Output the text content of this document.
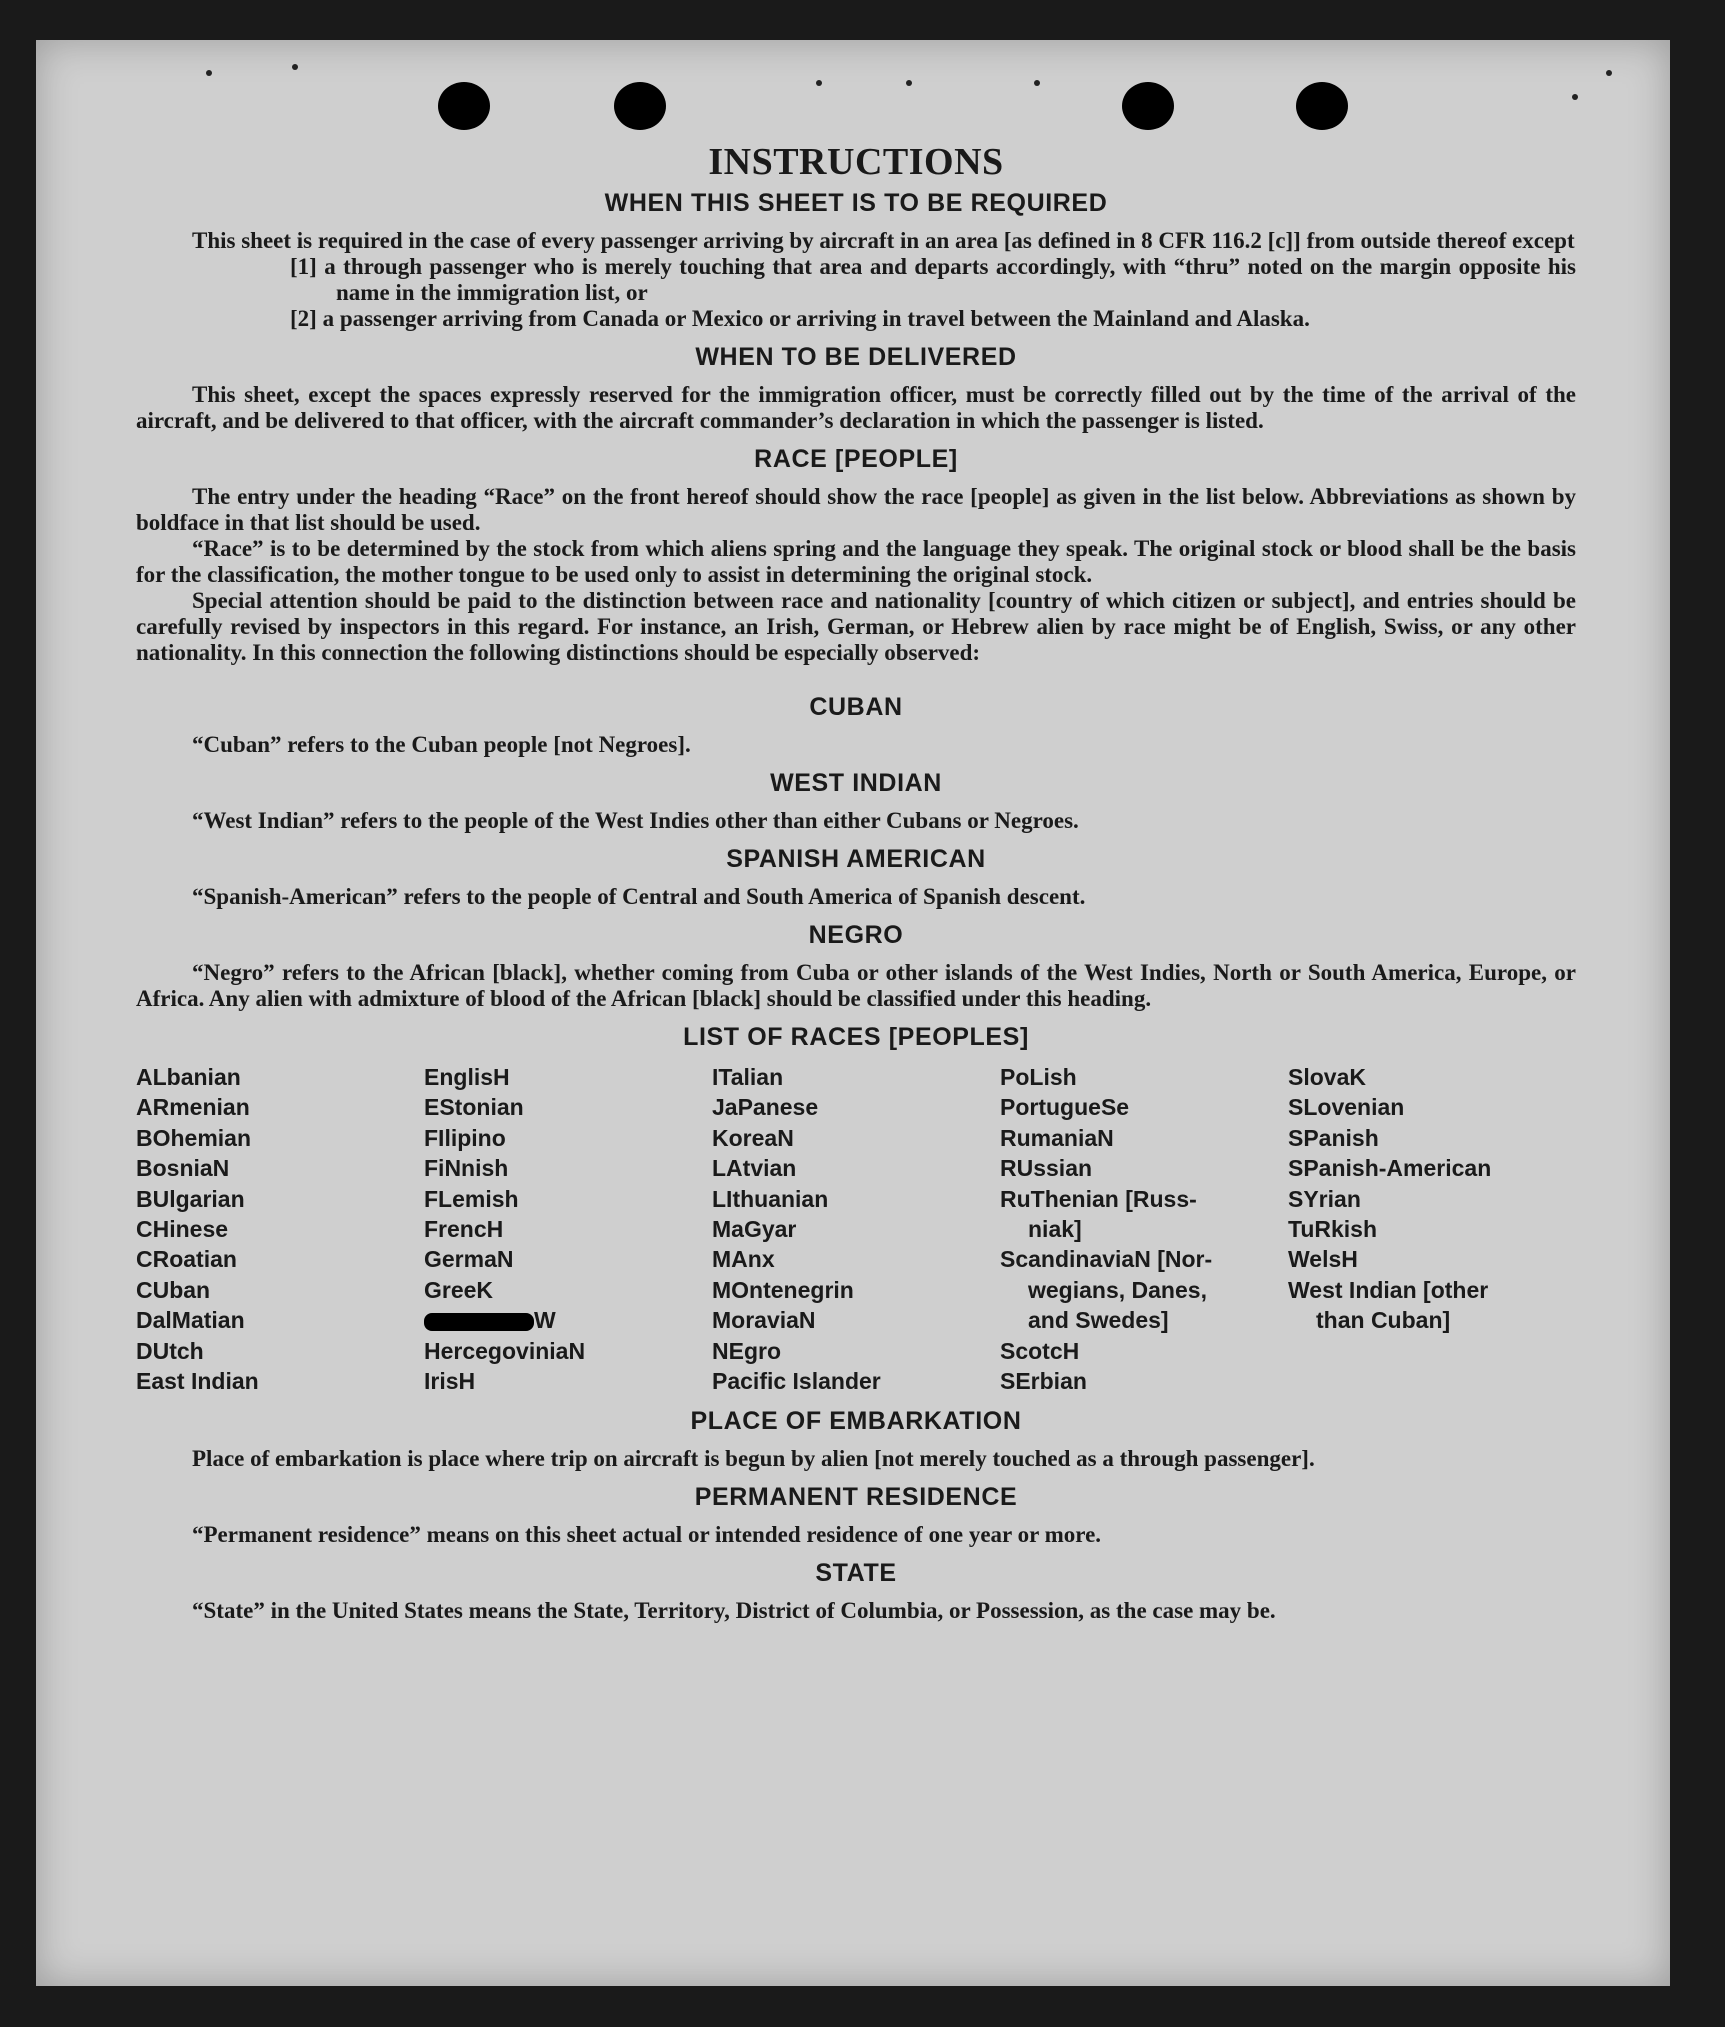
INSTRUCTIONS
WHEN THIS SHEET IS TO BE REQUIRED

This sheet is required in the case of every passenger arriving by aircraft in an area [as defined in 8 CFR 116.2 [c]] from outside thereof except

[1] a through passenger who is merely touching that area and departs accordingly, with “thru” noted on the margin opposite his name in the immigration list, or

[2] a passenger arriving from Canada or Mexico or arriving in travel between the Mainland and Alaska.

WHEN TO BE DELIVERED

This sheet, except the spaces expressly reserved for the immigration officer, must be correctly filled out by the time of the arrival of the aircraft, and be delivered to that officer, with the aircraft commander’s declaration in which the passenger is listed.

RACE [PEOPLE]

The entry under the heading “Race” on the front hereof should show the race [people] as given in the list below. Abbreviations as shown by boldface in that list should be used.

“Race” is to be determined by the stock from which aliens spring and the language they speak. The original stock or blood shall be the basis for the classification, the mother tongue to be used only to assist in determining the original stock.

Special attention should be paid to the distinction between race and nationality [country of which citizen or subject], and entries should be carefully revised by inspectors in this regard. For instance, an Irish, German, or Hebrew alien by race might be of English, Swiss, or any other nationality. In this connection the following distinctions should be especially observed:

CUBAN

“Cuban” refers to the Cuban people [not Negroes].

WEST INDIAN

“West Indian” refers to the people of the West Indies other than either Cubans or Negroes.

SPANISH AMERICAN

“Spanish-American” refers to the people of Central and South America of Spanish descent.

NEGRO

“Negro” refers to the African [black], whether coming from Cuba or other islands of the West Indies, North or South America, Europe, or Africa. Any alien with admixture of blood of the African [black] should be classified under this heading.

LIST OF RACES [PEOPLES]
ALbanian
ARmenian
BOhemian
BosniaN
BUlgarian
CHinese
CRoatian
CUban
DalMatian
DUtch
East Indian
EnglisH
EStonian
FIlipino
FiNnish
FLemish
FrencH
GermaN
GreeK
W
HercegoviniaN
IrisH
ITalian
JaPanese
KoreaN
LAtvian
LIthuanian
MaGyar
MAnx
MOntenegrin
MoraviaN
NEgro
Pacific Islander
PoLish
PortugueSe
RumaniaN
RUssian
RuThenian [Russ-
niak]
ScandinaviaN [Nor-
wegians, Danes,
and Swedes]
ScotcH
SErbian
SlovaK
SLovenian
SPanish
SPanish-American
SYrian
TuRkish
WelsH
West Indian [other
than Cuban]
PLACE OF EMBARKATION

Place of embarkation is place where trip on aircraft is begun by alien [not merely touched as a through passenger].

PERMANENT RESIDENCE

“Permanent residence” means on this sheet actual or intended residence of one year or more.

STATE

“State” in the United States means the State, Territory, District of Columbia, or Possession, as the case may be.
